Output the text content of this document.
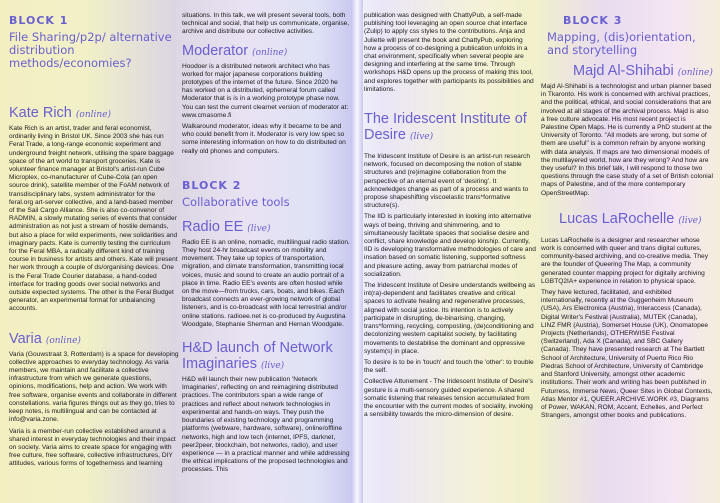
BLOCK 1

File Sharing/p2p/ alternative distribution methods/economies?

Kate Rich (online)

Kate Rich is an artist, trader and feral economist, ordinarily living in Bristol UK. Since 2003 she has run Feral Trade, a long-range economic experiment and underground freight network, utilising the spare baggage space of the art world to transport groceries. Kate is volunteer finance manager at Bristol's artist-run Cube Microplex, co-manufacturer of Cube-Cola (an open source drink), satellite member of the FoAM network of transdisciplinary labs, system administrator for the feral.org art-server collective, and a land-based member of the Sail Cargo Alliance. She is also co-convenor of RADMIN, a slowly mutating series of events that consider administration as not just a stream of hostile demands, but also a place for wild experiments, new solidarities and imaginary pacts. Kate is currently testing the curriculum for the Feral MBA, a radically different kind of training course in business for artists and others. Kate will present her work through a couple of ds/organising devices. One is the Feral Trade Courier database, a hand-coded interface for trading goods over social networks and outside expected systems. The other is the Feral Budget generator, an experimental format for unbalancing accounts.

Varia (online)

Varia (Gouwstraat 3, Rotterdam) is a space for developing collective approaches to everyday technology. As varia members, we maintain and facilitate a collective infrastructure from which we generate questions, opinions, modifications, help and action. We work with free software, organise events and collaborate in different constellations. varia figures things out as they go, tries to keep notes, is multilingual and can be contacted at info@varia.zone.

Varia is a member-run collective established around a shared interest in everyday technologies and their impact on society. Varia aims to create space for engaging with free culture, free software, collective infrastructures, DIY attitudes, various forms of togetherness and learning

situations. In this talk, we will present several tools, both technical and social, that help us communicate, organise, archive and distribute our collective activities.

Moderator (online)

Hoodoer is a distributed network architect who has worked for major japanese corporations building prototypes of the internet of the future. Since 2020 he has worked on a distributed, ephemeral forum called Moderator that is is in a working prototype phase now. You can test the current clearnet version of moderator at: www.cmasome.fi

Walkaround moderator, ideas why it became to be and who could benefit from it. Moderator is very low spec so some interesting information on how to do distributed on really old phones and computers.

BLOCK 2

Collaborative tools

Radio EE (live)

Radio EE is an online, nomadic, multilingual radio station. They host 24-hr broadcast events on mobility and movement. They take up topics of transportation, migration, and climate transformation, transmitting local voices, music and sound to create an audio portrait of a place in time. Radio EE's events are often hosted while on the move—from trucks, cars, boats, and bikes. Each broadcast connects an ever-growing network of global listeners, and is co-broadcast with local terrestrial and/or online stations. radioee.net is co-produced by Augustina Woodgate, Stephanie Sherman and Hernan Woodgate.

H&D launch of Network Imaginaries (live)

H&D will launch their new publication 'Network Imaginaries', reflecting on and reimagining distributed practices. The contributors span a wide range of practices and reflect about network technologies in experimental and hands-on ways. They push the boundaries of existing technology and programming platforms (webware, hardware, software), online/offline networks, high and low tech (internet, IPFS, darknet, peer2peer, blockchain, bot networks, radio), and user experience — in a practical manner and while addressing the ethical implications of the proposed technologies and processes. This

publication was designed with ChattyPub, a self-made publishing tool leveraging an open source chat interface (Zulip) to apply css styles to the contributions. Anja and Juliette will present the book and ChattyPub, exploring how a process of co-designing a publication unfolds in a chat environment, specifically when several people are designing and interfering at the same time. Through workshops H&D opens up the process of making this tool, and explores together with participants its possibilities and limitations.

The Iridescent Institute of Desire (live)

The Iridescent Institute of Desire is an artist-run research network, focused on decomposing the notion of stable structures and (re)imagine collaboration from the perspective of an eternal event of 'desiring'. It acknowledges change as part of a process and wants to propose shapeshifting viscoelastic trans*formative structure(s).

The IID is particularly interested in looking into alternative ways of being, thriving and shimmering, and to simultaneously facilitate spaces that socialise desire and conflict, share knowledge and develop kinship. Currently, IID is developing transformative methodologies of care and insation based on somatic listening, supported softness and pleasure acting, away from patriarchal modes of socialization.

The Iridescent Institute of Desire understands wellbeing as int(ra)-dependent and facilitates creative and critical spaces to activate healing and regenerative processes, aligned with social justice. Its intention is to actively participate in disrupting, de-binarising, changing, trans*forming, recycling, composting, (de)conditioning and decolonizing western capitalist society, by facilitating movements to destabilise the dominant and oppressive system(s) in place.

To desire is to be in 'touch' and touch the 'other': to trouble the self.

Collective Attunement - The Iridescent Institute of Desire's gesture is a multi-sensory guided experience. A shared somatic listening that releases tension accumulated from the encounter with the current modes of sociality, invoking a sensibility towards the micro-dimension of desire.

BLOCK 3

Mapping, (dis)orientation, and storytelling

Majd Al-Shihabi (online)

Majd Al-Shihabi is a technologist and urban planner based in Tkaronto. His work is concerned with archival practices, and the political, ethical, and social considerations that are involved at all stages of the archival process. Majd is also a free culture advocate. His most recent project is Palestine Open Maps. He is currently a PhD student at the University of Toronto. "All models are wrong, but some of them are useful" is a common refrain by anyone working with data analysis. If maps are two dimensional models of the multilayered world, how are they wrong? And how are they useful? In this brief talk, I will respond to those two questions through the case study of a set of British colonial maps of Palestine, and of the more contemporary OpenStreetMap.

Lucas LaRochelle (live)

Lucas LaRochelle is a designer and researcher whose work is concerned with queer and trans digital cultures, community-based archiving, and co-creative media. They are the founder of Queering The Map, a community generated counter mapping project for digitally archiving LGBTQ2IA+ experience in relation to physical space.

They have lectured, facilitated, and exhibited internationally, recently at the Guggenheim Museum (USA), Ars Electronica (Austria), Interaccess (Canada), Digital Writer's Festival (Australia), MUTEK (Canada), LINZ FMR (Austria), Somerset House (UK), Onomatopee Projects (Netherlands), OTHERWISE Festival (Switzerland), Ada X (Canada), and SBC Gallery (Canada). They have presented research at The Bartlett School of Architecture, University of Puerto Rico Rio Piedras School of Architecture, University of Cambridge and Stanford University, amongst other academic institutions. Their work and writing has been published in Futurress, Immerse News, Queer Sites in Global Contexts, Atlas Mentor #1, QUEER.ARCHIVE.WORK #3, Diagrams of Power, WAKAN, ROM, Accent, Echelles, and Perfect Strangers, amongst other books and publications.
